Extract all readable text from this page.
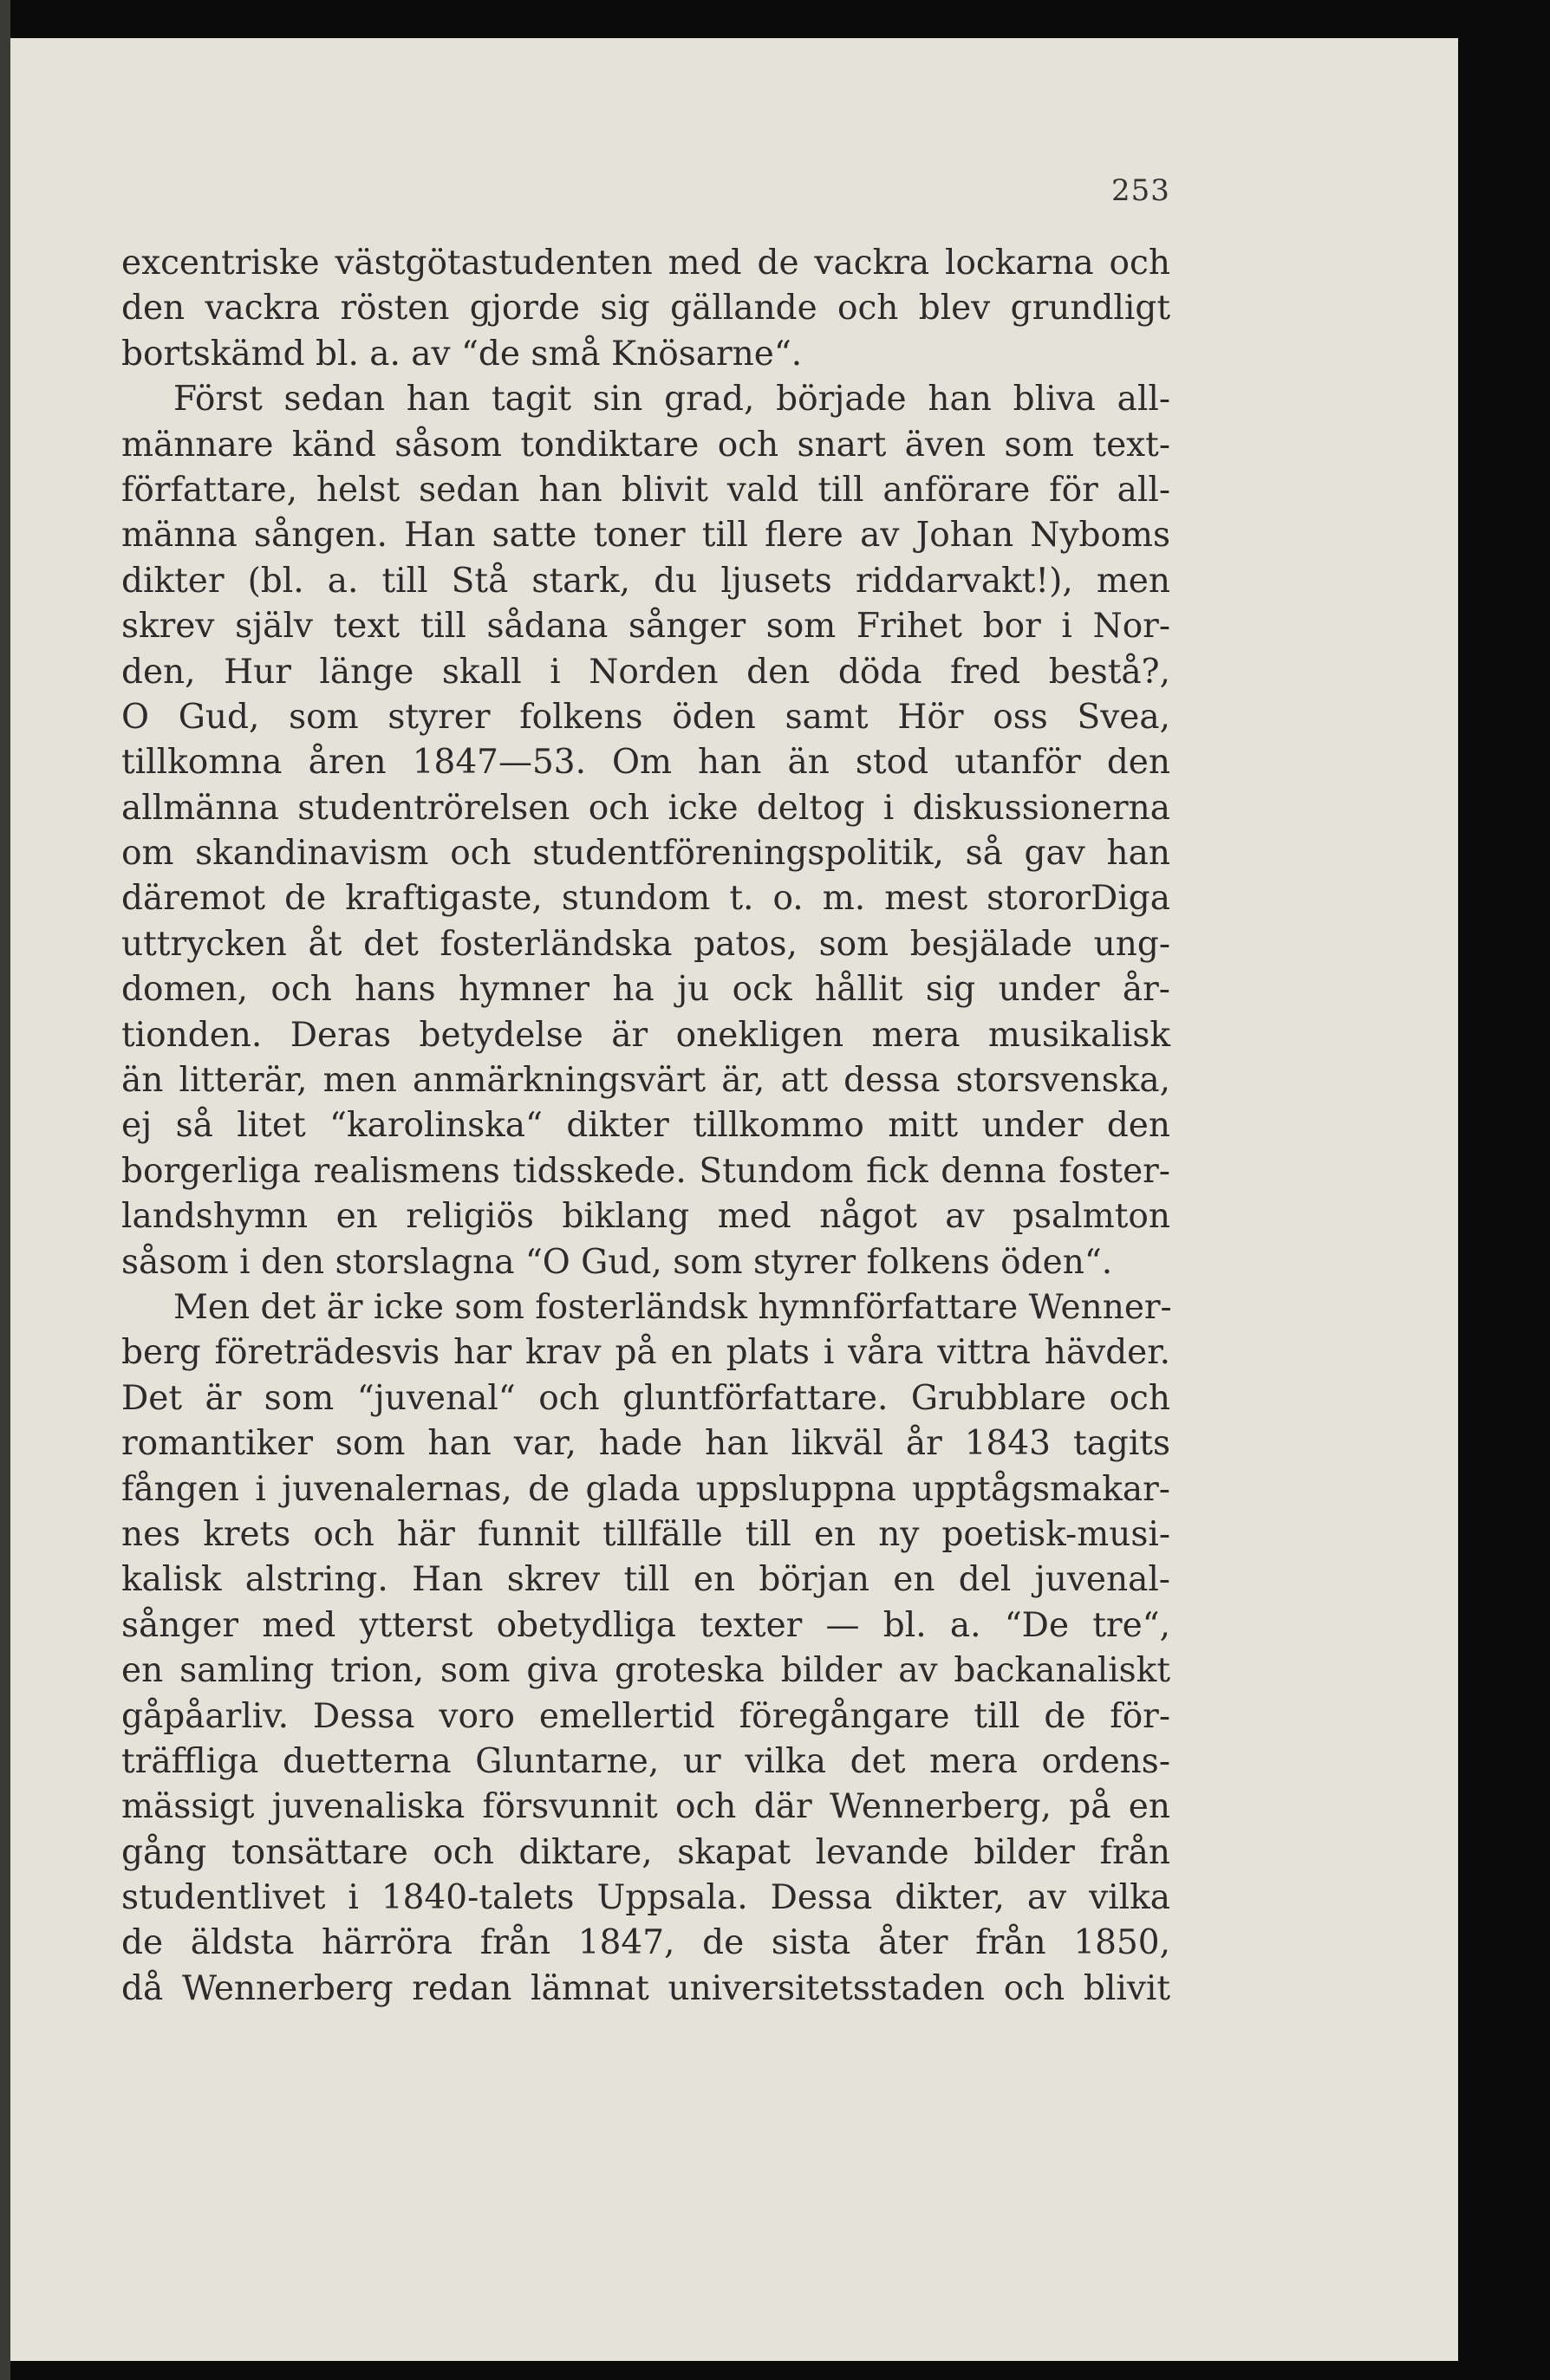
253
excentriske västgötastudenten med de vackra lockarna och
den vackra rösten gjorde sig gällande och blev grundligt
bortskämd bl. a. av “de små Knösarne“.
Först sedan han tagit sin grad, började han bliva all-
männare känd såsom tondiktare och snart även som text-
författare, helst sedan han blivit vald till anförare för all-
männa sången. Han satte toner till flere av Johan Nyboms
dikter (bl. a. till Stå stark, du ljusets riddarvakt!), men
skrev själv text till sådana sånger som Frihet bor i Nor-
den, Hur länge skall i Norden den döda fred bestå?,
O Gud, som styrer folkens öden samt Hör oss Svea,
tillkomna åren 1847—53. Om han än stod utanför den
allmänna studentrörelsen och icke deltog i diskussionerna
om skandinavism och studentföreningspolitik, så gav han
däremot de kraftigaste, stundom t. o. m. mest stororDiga
uttrycken åt det fosterländska patos, som besjälade ung-
domen, och hans hymner ha ju ock hållit sig under år-
tionden. Deras betydelse är onekligen mera musikalisk
än litterär, men anmärkningsvärt är, att dessa storsvenska,
ej så litet “karolinska“ dikter tillkommo mitt under den
borgerliga realismens tidsskede. Stundom fick denna foster-
landshymn en religiös biklang med något av psalmton
såsom i den storslagna “O Gud, som styrer folkens öden“.
Men det är icke som fosterländsk hymnförfattare Wenner-
berg företrädesvis har krav på en plats i våra vittra hävder.
Det är som “juvenal“ och gluntförfattare. Grubblare och
romantiker som han var, hade han likväl år 1843 tagits
fången i juvenalernas, de glada uppsluppna upptågsmakar-
nes krets och här funnit tillfälle till en ny poetisk-musi-
kalisk alstring. Han skrev till en början en del juvenal-
sånger med ytterst obetydliga texter — bl. a. “De tre“,
en samling trion, som giva groteska bilder av backanaliskt
gåpåarliv. Dessa voro emellertid föregångare till de för-
träffliga duetterna Gluntarne, ur vilka det mera ordens-
mässigt juvenaliska försvunnit och där Wennerberg, på en
gång tonsättare och diktare, skapat levande bilder från
studentlivet i 1840-talets Uppsala. Dessa dikter, av vilka
de äldsta härröra från 1847, de sista åter från 1850,
då Wennerberg redan lämnat universitetsstaden och blivit
